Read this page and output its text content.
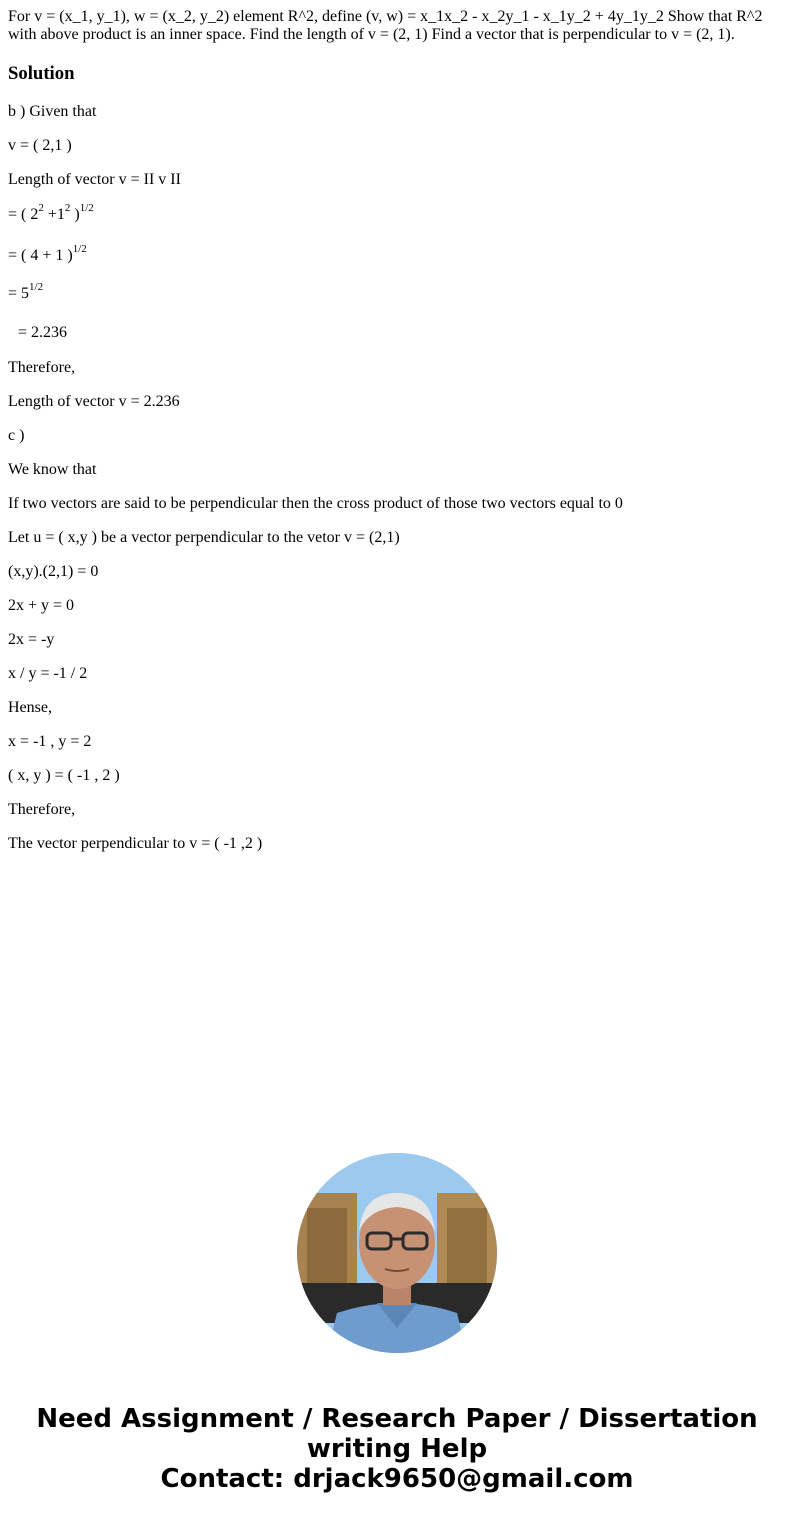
For v = (x_1, y_1), w = (x_2, y_2) element R^2, define (v, w) = x_1x_2 - x_2y_1 - x_1y_2 + 4y_1y_2 Show that R^2 with above product is an inner space. Find the length of v = (2, 1) Find a vector that is perpendicular to v = (2, 1).

Solution

b ) Given that

v = ( 2,1 )

Length of vector v = II v II

= ( $2^2 +1^2$ )$^{1/2}$

= ( 4 + 1 )$^{1/2}$

= $5^{1/2}$

= 2.236

Therefore,

Length of vector v = 2.236

c )

We know that

If two vectors are said to be perpendicular then the cross product of those two vectors equal to 0

Let u = ( x,y ) be a vector perpendicular to the vetor v = (2,1)

(x,y).(2,1) = 0

2x + y = 0

2x = -y

x / y = -1 / 2

Hense,

x = -1 , y = 2

( x, y ) = ( -1 , 2 )

Therefore,

The vector perpendicular to v = ( -1 ,2 )

Need Assignment / Research Paper / Dissertation
writing Help
Contact: drjack9650@gmail.com
